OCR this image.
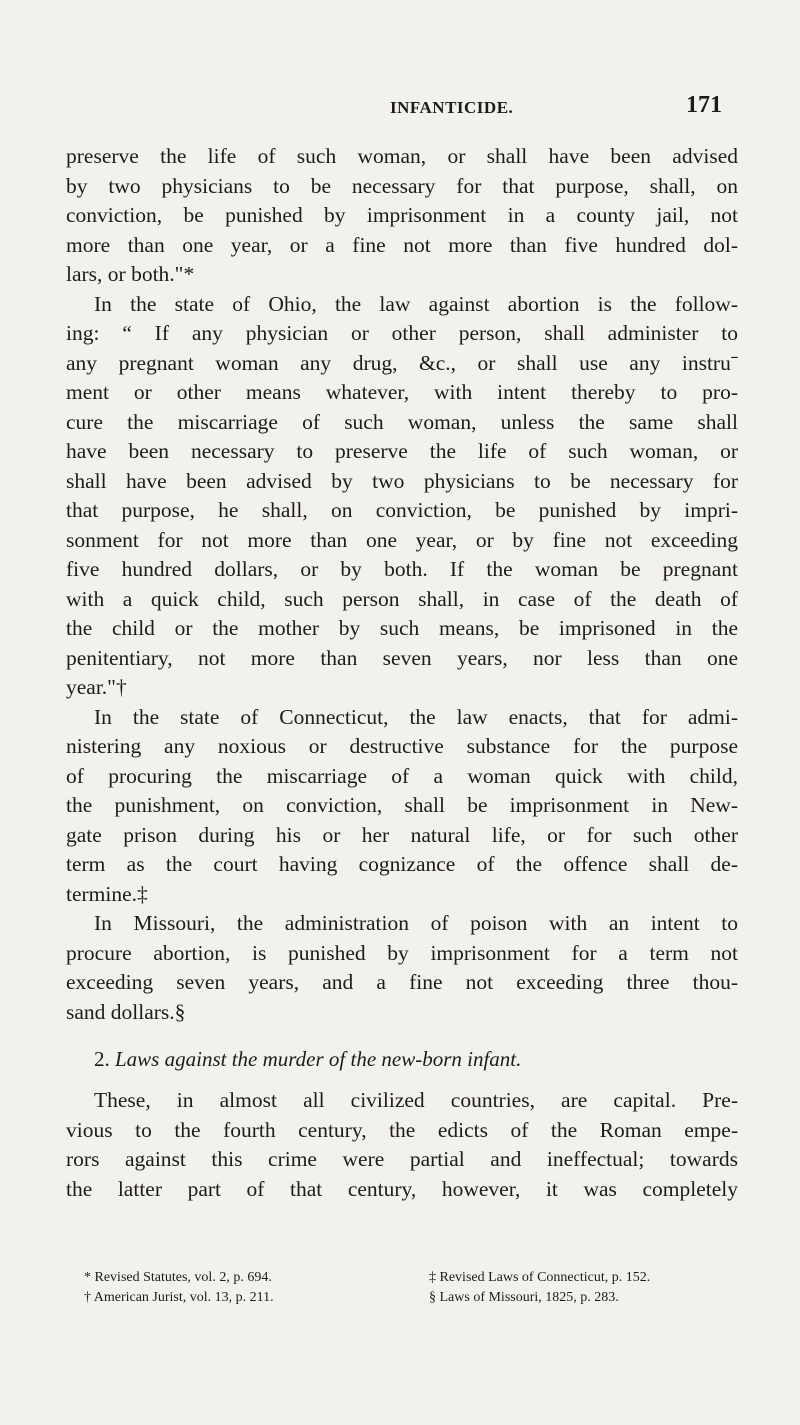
INFANTICIDE.	171
preserve the life of such woman, or shall have been advised
by two physicians to be necessary for that purpose, shall, on
conviction, be punished by imprisonment in a county jail, not
more than one year, or a fine not more than five hundred dol-
lars, or both."*
In the state of Ohio, the law against abortion is the follow-
ing: “ If any physician or other person, shall administer to
any pregnant woman any drug, &c., or shall use any instruˉ
ment or other means whatever, with intent thereby to pro-
cure the miscarriage of such woman, unless the same shall
have been necessary to preserve the life of such woman, or
shall have been advised by two physicians to be necessary for
that purpose, he shall, on conviction, be punished by impri-
sonment for not more than one year, or by fine not exceeding
five hundred dollars, or by both. If the woman be pregnant
with a quick child, such person shall, in case of the death of
the child or the mother by such means, be imprisoned in the
penitentiary, not more than seven years, nor less than one
year."†
In the state of Connecticut, the law enacts, that for admi-
nistering any noxious or destructive substance for the purpose
of procuring the miscarriage of a woman quick with child,
the punishment, on conviction, shall be imprisonment in New-
gate prison during his or her natural life, or for such other
term as the court having cognizance of the offence shall de-
termine.‡
In Missouri, the administration of poison with an intent to
procure abortion, is punished by imprisonment for a term not
exceeding seven years, and a fine not exceeding three thou-
sand dollars.§
2. Laws against the murder of the new-born infant.
These, in almost all civilized countries, are capital. Pre-
vious to the fourth century, the edicts of the Roman empe-
rors against this crime were partial and ineffectual; towards
the latter part of that century, however, it was completely
* Revised Statutes, vol. 2, p. 694.	‡ Revised Laws of Connecticut, p. 152.
† American Jurist, vol. 13, p. 211.	§ Laws of Missouri, 1825, p. 283.
